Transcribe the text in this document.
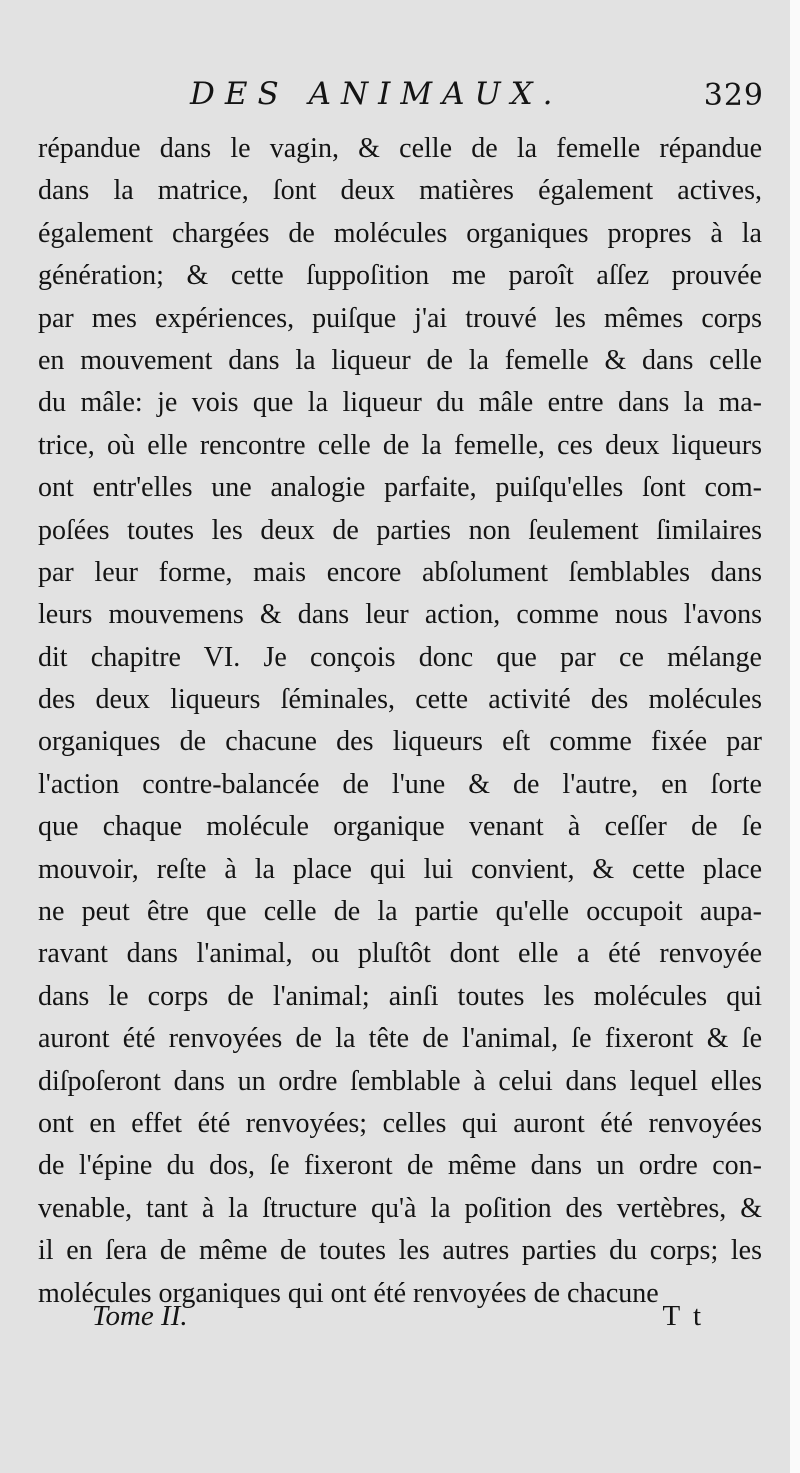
DES ANIMAUX.	329
répandue dans le vagin, & celle de la femelle répandue
dans la matrice, ſont deux matières également actives,
également chargées de molécules organiques propres à la
génération; & cette ſuppoſition me paroît aſſez prouvée
par mes expériences, puiſque j'ai trouvé les mêmes corps
en mouvement dans la liqueur de la femelle & dans celle
du mâle: je vois que la liqueur du mâle entre dans la ma-
trice, où elle rencontre celle de la femelle, ces deux liqueurs
ont entr'elles une analogie parfaite, puiſqu'elles ſont com-
poſées toutes les deux de parties non ſeulement ſimilaires
par leur forme, mais encore abſolument ſemblables dans
leurs mouvemens & dans leur action, comme nous l'avons
dit chapitre VI. Je conçois donc que par ce mélange
des deux liqueurs ſéminales, cette activité des molécules
organiques de chacune des liqueurs eſt comme fixée par
l'action contre-balancée de l'une & de l'autre, en ſorte
que chaque molécule organique venant à ceſſer de ſe
mouvoir, reſte à la place qui lui convient, & cette place
ne peut être que celle de la partie qu'elle occupoit aupa-
ravant dans l'animal, ou pluſtôt dont elle a été renvoyée
dans le corps de l'animal; ainſi toutes les molécules qui
auront été renvoyées de la tête de l'animal, ſe fixeront & ſe
diſpoſeront dans un ordre ſemblable à celui dans lequel elles
ont en effet été renvoyées; celles qui auront été renvoyées
de l'épine du dos, ſe fixeront de même dans un ordre con-
venable, tant à la ſtructure qu'à la poſition des vertèbres, &
il en ſera de même de toutes les autres parties du corps; les
molécules organiques qui ont été renvoyées de chacune
Tome II.	T t
